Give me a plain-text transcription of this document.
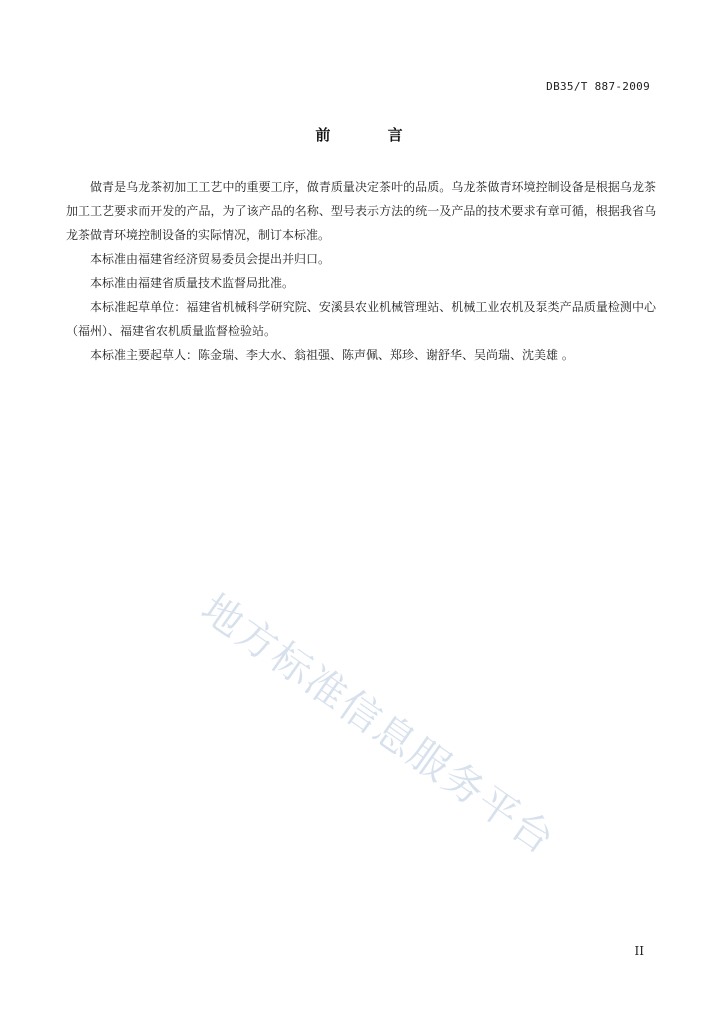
DB35/T 887-2009
前 言

做青是乌龙茶初加工工艺中的重要工序，做青质量决定茶叶的品质。乌龙茶做青环境控制设备是根据乌龙茶加工工艺要求而开发的产品，为了该产品的名称、型号表示方法的统一及产品的技术要求有章可循，根据我省乌龙茶做青环境控制设备的实际情况，制订本标准。

本标准由福建省经济贸易委员会提出并归口。

本标准由福建省质量技术监督局批准。

本标准起草单位：福建省机械科学研究院、安溪县农业机械管理站、机械工业农机及泵类产品质量检测中心（福州）、福建省农机质量监督检验站。

本标准主要起草人：陈金瑞、李大水、翁祖强、陈声佩、郑珍、谢舒华、吴尚瑞、沈美雄 。

地方标准信息服务平台
II
